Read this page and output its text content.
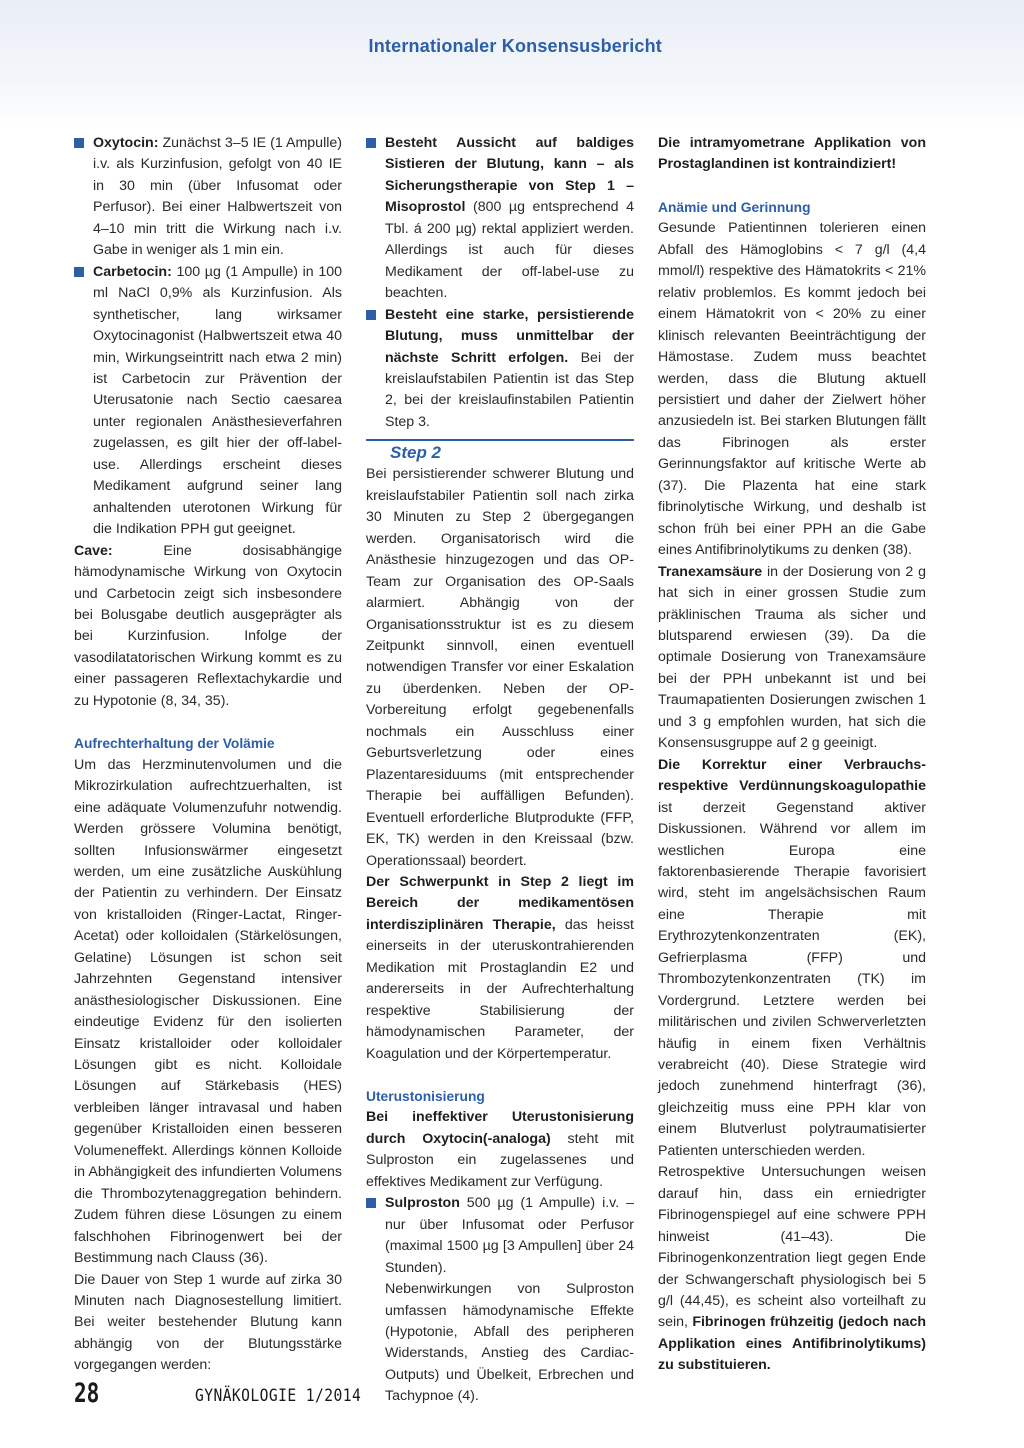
Internationaler Konsensusbericht

Oxytocin: Zunächst 3–5 IE (1 Ampulle) i.v. als Kurzinfusion, gefolgt von 40 IE in 30 min (über Infusomat oder Perfusor). Bei einer Halbwertszeit von 4–10 min tritt die Wirkung nach i.v. Gabe in weniger als 1 min ein.

Carbetocin: 100 µg (1 Ampulle) in 100 ml NaCl 0,9% als Kurzinfusion. Als synthetischer, lang wirksamer Oxytocinagonist (Halbwertszeit etwa 40 min, Wirkungseintritt nach etwa 2 min) ist Carbetocin zur Prävention der Uterusatonie nach Sectio caesarea unter regionalen Anästhesieverfahren zugelassen, es gilt hier der off-label-use. Allerdings erscheint dieses Medikament aufgrund seiner lang anhaltenden uterotonen Wirkung für die Indikation PPH gut geeignet.

Cave: Eine dosisabhängige hämodynamische Wirkung von Oxytocin und Carbetocin zeigt sich insbesondere bei Bolusgabe deutlich ausgeprägter als bei Kurzinfusion. Infolge der vasodilatatorischen Wirkung kommt es zu einer passageren Reflextachykardie und zu Hypotonie (8, 34, 35).

Aufrechterhaltung der Volämie

Um das Herzminutenvolumen und die Mikrozirkulation aufrechtzuerhalten, ist eine adäquate Volumenzufuhr notwendig. Werden grössere Volumina benötigt, sollten Infusionswärmer eingesetzt werden, um eine zusätzliche Auskühlung der Patientin zu verhindern. Der Einsatz von kristalloiden (Ringer-Lactat, Ringer-Acetat) oder kolloidalen (Stärkelösungen, Gelatine) Lösungen ist schon seit Jahrzehnten Gegenstand intensiver anästhesiologischer Diskussionen. Eine eindeutige Evidenz für den isolierten Einsatz kristalloider oder kolloidaler Lösungen gibt es nicht. Kolloidale Lösungen auf Stärkebasis (HES) verbleiben länger intravasal und haben gegenüber Kristalloiden einen besseren Volumeneffekt. Allerdings können Kolloide in Abhängigkeit des infundierten Volumens die Thrombozytenaggregation behindern. Zudem führen diese Lösungen zu einem falschhohen Fibrinogenwert bei der Bestimmung nach Clauss (36).

Die Dauer von Step 1 wurde auf zirka 30 Minuten nach Diagnosestellung limitiert. Bei weiter bestehender Blutung kann abhängig von der Blutungsstärke vorgegangen werden:

Besteht Aussicht auf baldiges Sistieren der Blutung, kann – als Sicherungstherapie von Step 1 – Misoprostol (800 µg entsprechend 4 Tbl. á 200 µg) rektal appliziert werden. Allerdings ist auch für dieses Medikament der off-label-use zu beachten.

Besteht eine starke, persistierende Blutung, muss unmittelbar der nächste Schritt erfolgen. Bei der kreislaufstabilen Patientin ist das Step 2, bei der kreislaufinstabilen Patientin Step 3.

Step 2

Bei persistierender schwerer Blutung und kreislaufstabiler Patientin soll nach zirka 30 Minuten zu Step 2 übergegangen werden. Organisatorisch wird die Anästhesie hinzugezogen und das OP-Team zur Organisation des OP-Saals alarmiert. Abhängig von der Organisationsstruktur ist es zu diesem Zeitpunkt sinnvoll, einen eventuell notwendigen Transfer vor einer Eskalation zu überdenken. Neben der OP-Vorbereitung erfolgt gegebenenfalls nochmals ein Ausschluss einer Geburtsverletzung oder eines Plazentaresiduums (mit entsprechender Therapie bei auffälligen Befunden). Eventuell erforderliche Blutprodukte (FFP, EK, TK) werden in den Kreissaal (bzw. Operationssaal) beordert.

Der Schwerpunkt in Step 2 liegt im Bereich der medikamentösen interdisziplinären Therapie, das heisst einerseits in der uteruskontrahierenden Medikation mit Prostaglandin E2 und andererseits in der Aufrechterhaltung respektive Stabilisierung der hämodynamischen Parameter, der Koagulation und der Körpertemperatur.

Uterustonisierung

Bei ineffektiver Uterustonisierung durch Oxytocin(-analoga) steht mit Sulproston ein zugelassenes und effektives Medikament zur Verfügung.

Sulproston 500 µg (1 Ampulle) i.v. – nur über Infusomat oder Perfusor (maximal 1500 µg [3 Ampullen] über 24 Stunden).

Nebenwirkungen von Sulproston umfassen hämodynamische Effekte (Hypotonie, Abfall des peripheren Widerstands, Anstieg des Cardiac-Outputs) und Übelkeit, Erbrechen und Tachypnoe (4).

Die intramyometrane Applikation von Prostaglandinen ist kontraindiziert!

Anämie und Gerinnung

Gesunde Patientinnen tolerieren einen Abfall des Hämoglobins < 7 g/l (4,4 mmol/l) respektive des Hämatokrits < 21% relativ problemlos. Es kommt jedoch bei einem Hämatokrit von < 20% zu einer klinisch relevanten Beeinträchtigung der Hämostase. Zudem muss beachtet werden, dass die Blutung aktuell persistiert und daher der Zielwert höher anzusiedeln ist. Bei starken Blutungen fällt das Fibrinogen als erster Gerinnungsfaktor auf kritische Werte ab (37). Die Plazenta hat eine stark fibrinolytische Wirkung, und deshalb ist schon früh bei einer PPH an die Gabe eines Antifibrinolytikums zu denken (38).

Tranexamsäure in der Dosierung von 2 g hat sich in einer grossen Studie zum präklinischen Trauma als sicher und blutsparend erwiesen (39). Da die optimale Dosierung von Tranexamsäure bei der PPH unbekannt ist und bei Traumapatienten Dosierungen zwischen 1 und 3 g empfohlen wurden, hat sich die Konsensusgruppe auf 2 g geeinigt.

Die Korrektur einer Verbrauchs- respektive Verdünnungskoagulopathie ist derzeit Gegenstand aktiver Diskussionen. Während vor allem im westlichen Europa eine faktorenbasierende Therapie favorisiert wird, steht im angelsächsischen Raum eine Therapie mit Erythrozytenkonzentraten (EK), Gefrierplasma (FFP) und Thrombozytenkonzentraten (TK) im Vordergrund. Letztere werden bei militärischen und zivilen Schwerverletzten häufig in einem fixen Verhältnis verabreicht (40). Diese Strategie wird jedoch zunehmend hinterfragt (36), gleichzeitig muss eine PPH klar von einem Blutverlust polytraumatisierter Patienten unterschieden werden.

Retrospektive Untersuchungen weisen darauf hin, dass ein erniedrigter Fibrinogenspiegel auf eine schwere PPH hinweist (41–43). Die Fibrinogenkonzentration liegt gegen Ende der Schwangerschaft physiologisch bei 5 g/l (44,45), es scheint also vorteilhaft zu sein, Fibrinogen frühzeitig (jedoch nach Applikation eines Antifibrinolytikums) zu substituieren.

28	GYNÄKOLOGIE 1/2014
